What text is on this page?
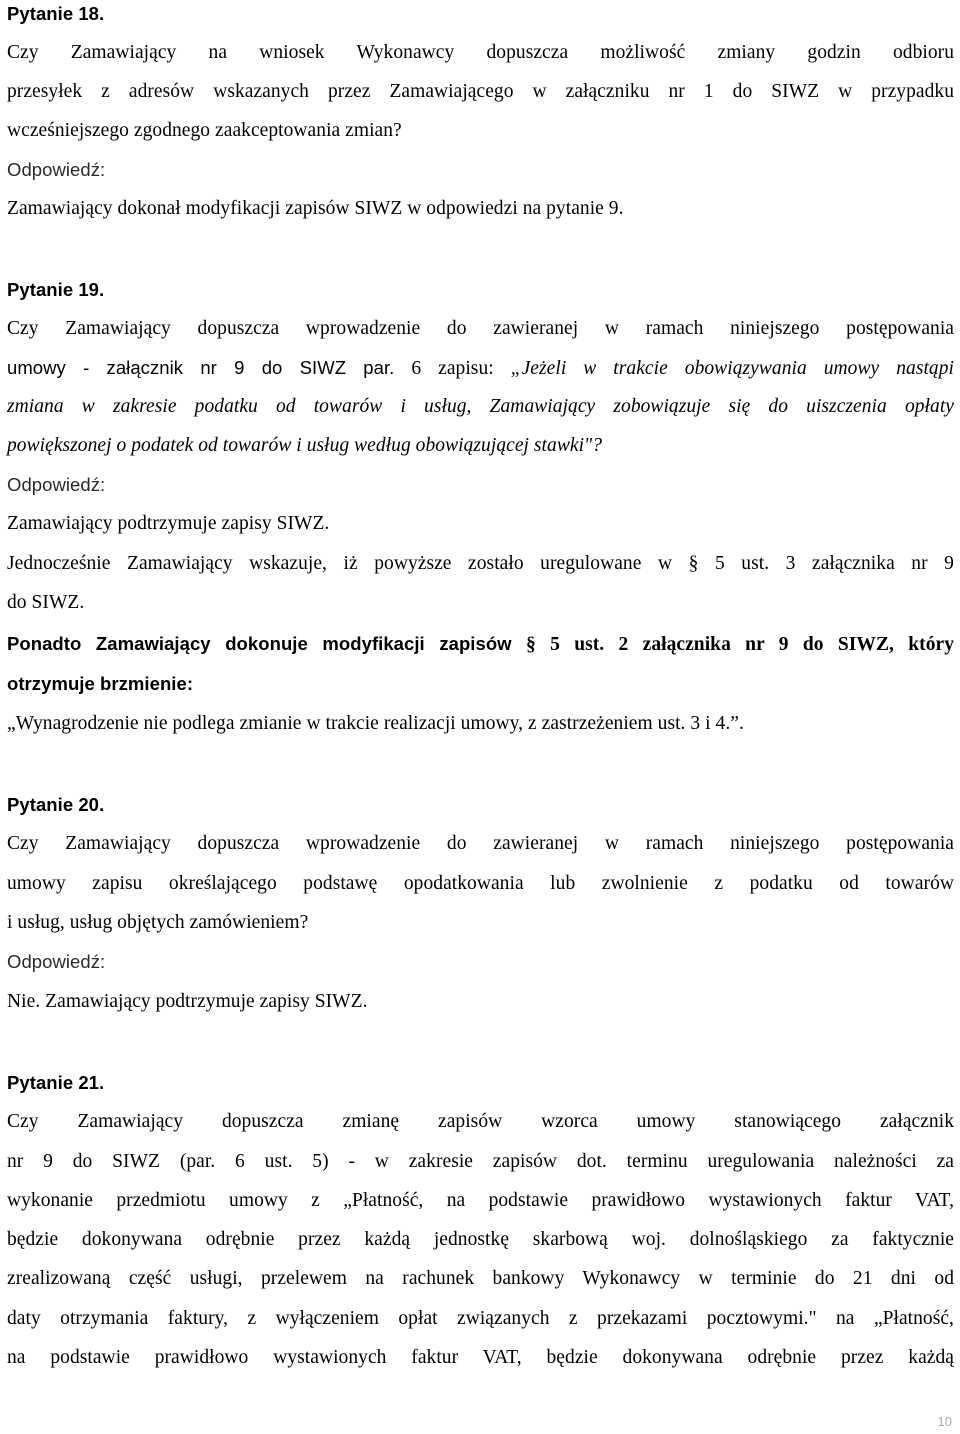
Pytanie 18.
Czy Zamawiający na wniosek Wykonawcy dopuszcza możliwość zmiany godzin odbioru
przesyłek z adresów wskazanych przez Zamawiającego w załączniku nr 1 do SIWZ w przypadku
wcześniejszego zgodnego zaakceptowania zmian?
Odpowiedź:
Zamawiający dokonał modyfikacji zapisów SIWZ w odpowiedzi na pytanie 9.
Pytanie 19.
Czy Zamawiający dopuszcza wprowadzenie do zawieranej w ramach niniejszego postępowania
umowy - załącznik nr 9 do SIWZ par. 6 zapisu: „Jeżeli w trakcie obowiązywania umowy nastąpi
zmiana w zakresie podatku od towarów i usług, Zamawiający zobowiązuje się do uiszczenia opłaty
powiększonej o podatek od towarów i usług według obowiązującej stawki"?
Odpowiedź:
Zamawiający podtrzymuje zapisy SIWZ.
Jednocześnie Zamawiający wskazuje, iż powyższe zostało uregulowane w § 5 ust. 3 załącznika nr 9
do SIWZ.
Ponadto Zamawiający dokonuje modyfikacji zapisów § 5 ust. 2 załącznika nr 9 do SIWZ, który
otrzymuje brzmienie:
„Wynagrodzenie nie podlega zmianie w trakcie realizacji umowy, z zastrzeżeniem ust. 3 i 4.”.
Pytanie 20.
Czy Zamawiający dopuszcza wprowadzenie do zawieranej w ramach niniejszego postępowania
umowy zapisu określającego podstawę opodatkowania lub zwolnienie z podatku od towarów
i usług, usług objętych zamówieniem?
Odpowiedź:
Nie. Zamawiający podtrzymuje zapisy SIWZ.
Pytanie 21.
Czy Zamawiający dopuszcza zmianę zapisów wzorca umowy stanowiącego załącznik
nr 9 do SIWZ (par. 6 ust. 5) - w zakresie zapisów dot. terminu uregulowania należności za
wykonanie przedmiotu umowy z „Płatność, na podstawie prawidłowo wystawionych faktur VAT,
będzie dokonywana odrębnie przez każdą jednostkę skarbową woj. dolnośląskiego za faktycznie
zrealizowaną część usługi, przelewem na rachunek bankowy Wykonawcy w terminie do 21 dni od
daty otrzymania faktury, z wyłączeniem opłat związanych z przekazami pocztowymi." na „Płatność,
na podstawie prawidłowo wystawionych faktur VAT, będzie dokonywana odrębnie przez każdą
10
